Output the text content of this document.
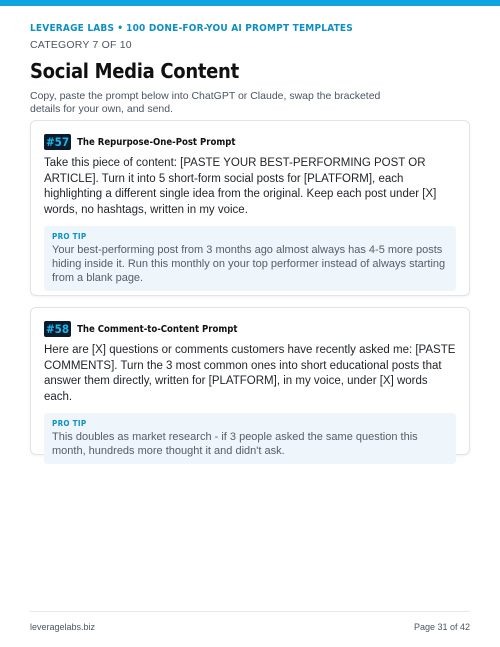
LEVERAGE LABS • 100 DONE-FOR-YOU AI PROMPT TEMPLATES
CATEGORY 7 OF 10
Social Media Content
Copy, paste the prompt below into ChatGPT or Claude, swap the bracketed details for your own, and send.
#57 The Repurpose-One-Post Prompt
Take this piece of content: [PASTE YOUR BEST-PERFORMING POST OR ARTICLE]. Turn it into 5 short-form social posts for [PLATFORM], each highlighting a different single idea from the original. Keep each post under [X] words, no hashtags, written in my voice.
PRO TIP
Your best-performing post from 3 months ago almost always has 4-5 more posts hiding inside it. Run this monthly on your top performer instead of always starting from a blank page.
#58 The Comment-to-Content Prompt
Here are [X] questions or comments customers have recently asked me: [PASTE COMMENTS]. Turn the 3 most common ones into short educational posts that answer them directly, written for [PLATFORM], in my voice, under [X] words each.
PRO TIP
This doubles as market research - if 3 people asked the same question this month, hundreds more thought it and didn't ask.
leveragelabs.biz	Page 31 of 42
